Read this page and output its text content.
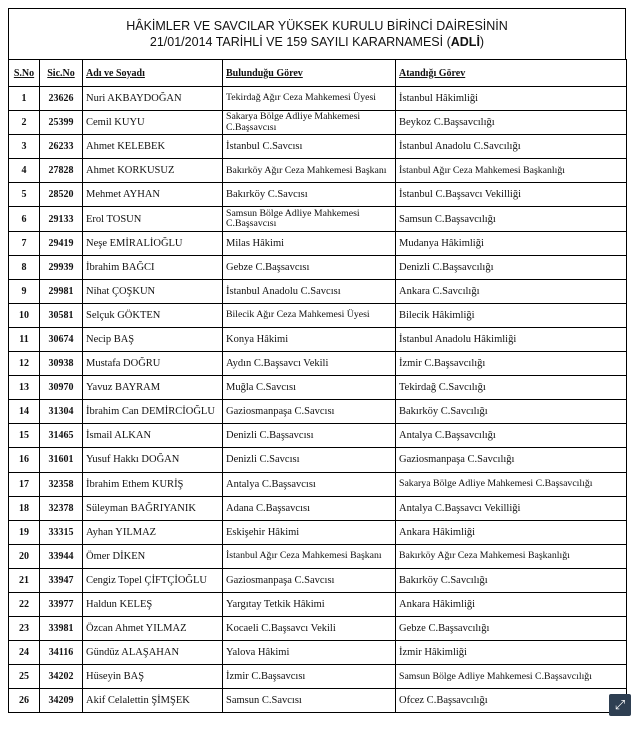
HÂKİMLER VE SAVCILAR YÜKSEK KURULU BİRİNCİ DAİRESİNİN
21/01/2014 TARİHLİ VE 159 SAYILI KARARNAMESİ (ADLİ)
S.No	Sic.No	Adı ve Soyadı	Bulunduğu Görev	Atandığı Görev
1	23626	Nuri AKBAYDOĞAN	Tekirdağ Ağır Ceza Mahkemesi Üyesi	İstanbul Hâkimliği
2	25399	Cemil KUYU	Sakarya Bölge Adliye Mahkemesi C.Başsavcısı	Beykoz C.Başsavcılığı
3	26233	Ahmet KELEBEK	İstanbul C.Savcısı	İstanbul Anadolu C.Savcılığı
4	27828	Ahmet KORKUSUZ	Bakırköy Ağır Ceza Mahkemesi Başkanı	İstanbul Ağır Ceza Mahkemesi Başkanlığı
5	28520	Mehmet AYHAN	Bakırköy C.Savcısı	İstanbul C.Başsavcı Vekilliği
6	29133	Erol TOSUN	Samsun Bölge Adliye Mahkemesi C.Başsavcısı	Samsun C.Başsavcılığı
7	29419	Neşe EMİRALİOĞLU	Milas Hâkimi	Mudanya Hâkimliği
8	29939	İbrahim BAĞCI	Gebze C.Başsavcısı	Denizli C.Başsavcılığı
9	29981	Nihat ÇOŞKUN	İstanbul Anadolu C.Savcısı	Ankara C.Savcılığı
10	30581	Selçuk GÖKTEN	Bilecik Ağır Ceza Mahkemesi Üyesi	Bilecik Hâkimliği
11	30674	Necip BAŞ	Konya Hâkimi	İstanbul Anadolu Hâkimliği
12	30938	Mustafa DOĞRU	Aydın C.Başsavcı Vekili	İzmir C.Başsavcılığı
13	30970	Yavuz BAYRAM	Muğla C.Savcısı	Tekirdağ C.Savcılığı
14	31304	İbrahim Can DEMİRCİOĞLU	Gaziosmanpaşa C.Savcısı	Bakırköy C.Savcılığı
15	31465	İsmail ALKAN	Denizli C.Başsavcısı	Antalya C.Başsavcılığı
16	31601	Yusuf Hakkı DOĞAN	Denizli C.Savcısı	Gaziosmanpaşa C.Savcılığı
17	32358	İbrahim Ethem KURİŞ	Antalya C.Başsavcısı	Sakarya Bölge Adliye Mahkemesi C.Başsavcılığı
18	32378	Süleyman BAĞRIYANIK	Adana C.Başsavcısı	Antalya C.Başsavcı Vekilliği
19	33315	Ayhan YILMAZ	Eskişehir Hâkimi	Ankara Hâkimliği
20	33944	Ömer DİKEN	İstanbul Ağır Ceza Mahkemesi Başkanı	Bakırköy Ağır Ceza Mahkemesi Başkanlığı
21	33947	Cengiz Topel ÇİFTÇİOĞLU	Gaziosmanpaşa C.Savcısı	Bakırköy C.Savcılığı
22	33977	Haldun KELEŞ	Yargıtay Tetkik Hâkimi	Ankara Hâkimliği
23	33981	Özcan Ahmet YILMAZ	Kocaeli C.Başsavcı Vekili	Gebze C.Başsavcılığı
24	34116	Gündüz ALAŞAHAN	Yalova Hâkimi	İzmir Hâkimliği
25	34202	Hüseyin BAŞ	İzmir C.Başsavcısı	Samsun Bölge Adliye Mahkemesi C.Başsavcılığı
26	34209	Akif Celalettin ŞİMŞEK	Samsun C.Savcısı	Ofcez C.Başsavcılığı	⤢
